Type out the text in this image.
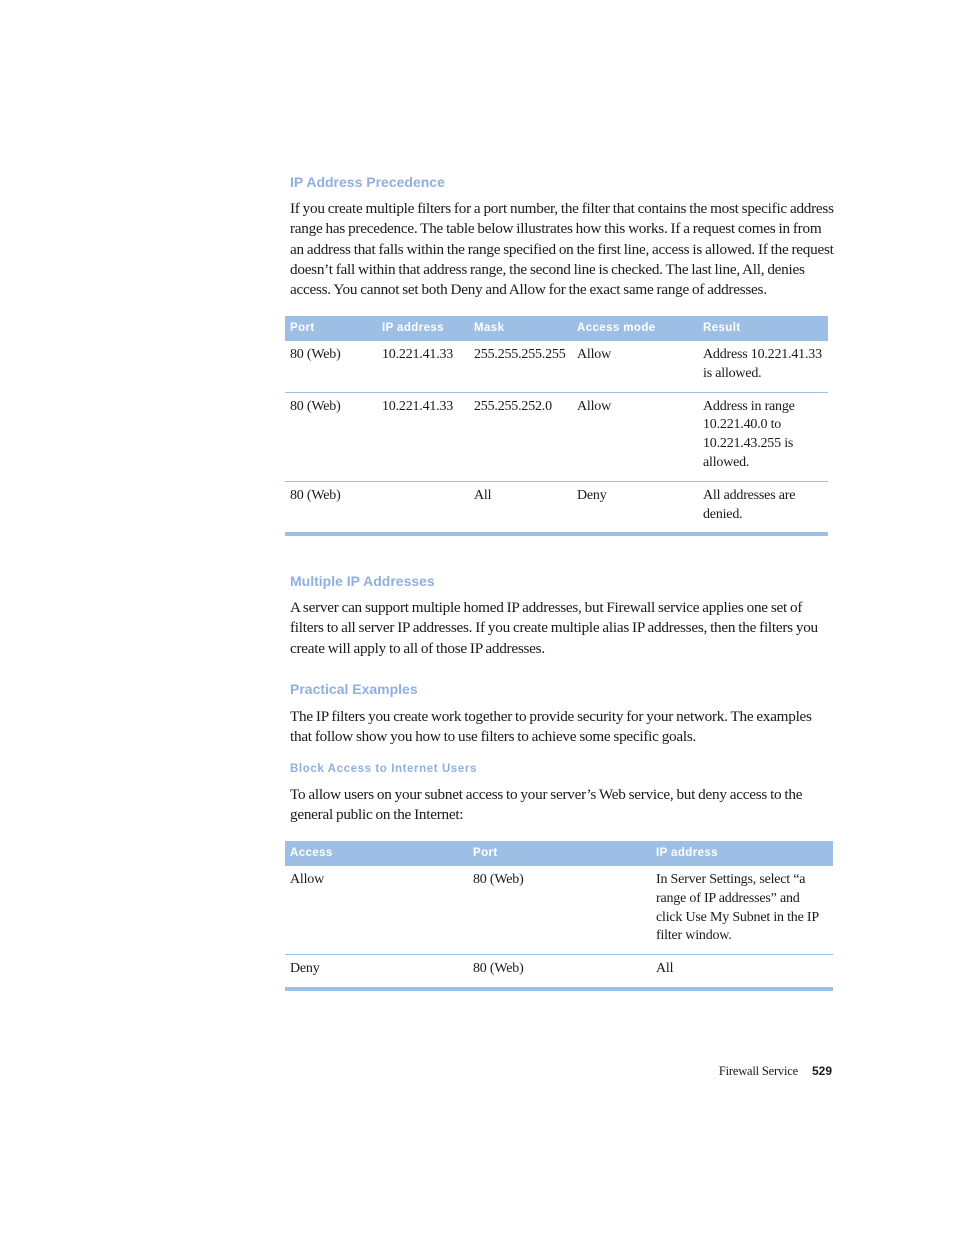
IP Address Precedence

If you create multiple filters for a port number, the filter that contains the most specific address range has precedence. The table below illustrates how this works. If a request comes in from an address that falls within the range specified on the first line, access is allowed. If the request doesn’t fall within that address range, the second line is checked. The last line, All, denies access. You cannot set both Deny and Allow for the exact same range of addresses.

Port	IP address	Mask	Access mode	Result
80 (Web)	10.221.41.33	255.255.255.255	Allow	Address 10.221.41.33 is allowed.
80 (Web)	10.221.41.33	255.255.252.0	Allow	Address in range 10.221.40.0 to 10.221.43.255 is allowed.
80 (Web)		All	Deny	All addresses are denied.
Multiple IP Addresses

A server can support multiple homed IP addresses, but Firewall service applies one set of filters to all server IP addresses. If you create multiple alias IP addresses, then the filters you create will apply to all of those IP addresses.

Practical Examples

The IP filters you create work together to provide security for your network. The examples that follow show you how to use filters to achieve some specific goals.

Block Access to Internet Users

To allow users on your subnet access to your server’s Web service, but deny access to the general public on the Internet:

Access	Port	IP address
Allow	80 (Web)	In Server Settings, select “a range of IP addresses” and click Use My Subnet in the IP filter window.
Deny	80 (Web)	All
Firewall Service 529
